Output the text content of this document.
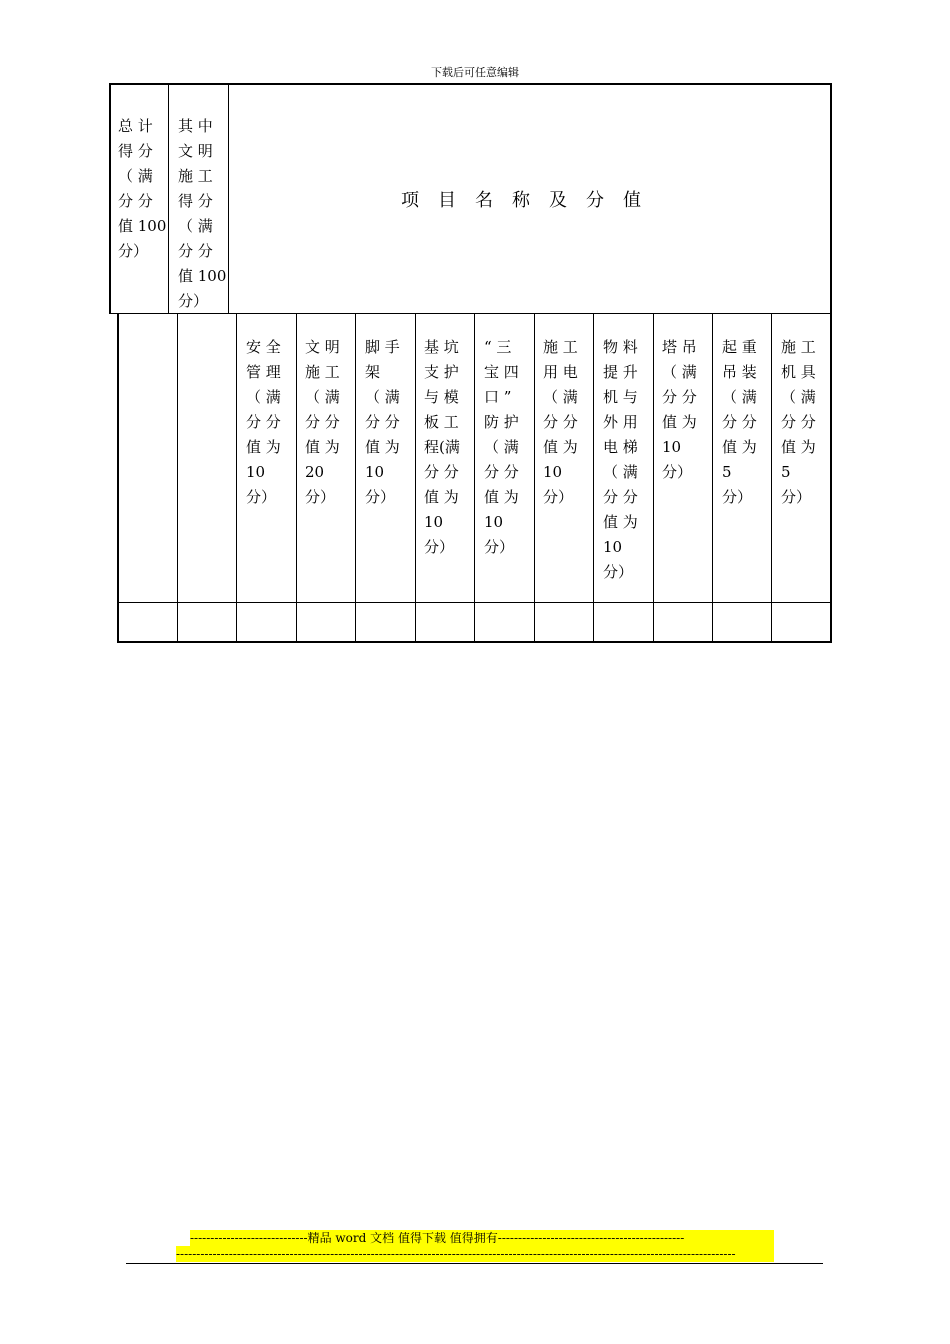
下载后可任意编辑
总 计
得 分
（ 满
分 分
值 100
分）
其 中
文 明
施 工
得 分
（ 满
分 分
值 100
分）
项目名称及分值
安 全
管 理
（ 满
分 分
值 为
10
分）
文 明
施 工
（ 满
分 分
值 为
20
分）
脚 手
架
（ 满
分 分
值 为
10
分）
基 坑
支 护
与 模
板 工
程(满
分 分
值 为
10
分）
“ 三
宝 四
口 ”
防 护
（ 满
分 分
值 为
10
分）
施 工
用 电
（ 满
分 分
值 为
10
分）
物 料
提 升
机 与
外 用
电 梯
（ 满
分 分
值 为
10
分）
塔 吊
（ 满
分 分
值 为
10
分）
起 重
吊 装
（ 满
分 分
值 为
5
分）
施 工
机 具
（ 满
分 分
值 为
5
分）
-----------------------------精品 word 文档 值得下载 值得拥有----------------------------------------------
------------------------------------------------------------------------------------------------------------------------------------------
